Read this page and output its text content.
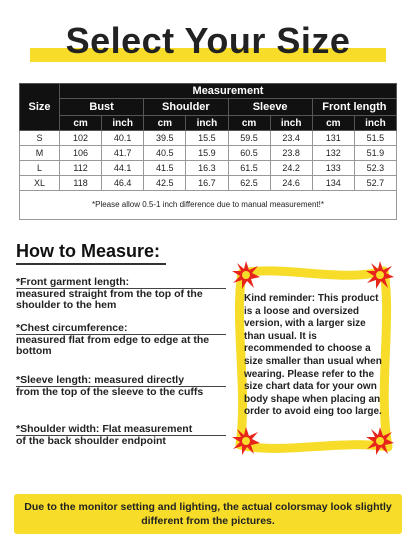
Select Your Size
Size	Measurement							
	Bust		Shoulder		Sleeve		Front length	
	cm	inch	cm	inch	cm	inch	cm	inch
S	102	40.1	39.5	15.5	59.5	23.4	131	51.5
M	106	41.7	40.5	15.9	60.5	23.8	132	51.9
L	112	44.1	41.5	16.3	61.5	24.2	133	52.3
XL	118	46.4	42.5	16.7	62.5	24.6	134	52.7
*Please allow 0.5-1 inch difference due to manual measurement!*								
How to Measure:
*Front garment length:
measured straight from the top of the shoulder to the hem
*Chest circumference:
measured flat from edge to edge at the bottom
*Sleeve length: measured directly
from the top of the sleeve to the cuffs
*Shoulder width: Flat measurement
of the back shoulder endpoint
Kind reminder: This product is a loose and oversized version, with a larger size than usual. It is recommended to choose a size smaller than usual when wearing. Please refer to the size chart data for your own body shape when placing an order to avoid eing too large.
Due to the monitor setting and lighting, the actual colorsmay look slightly different from the pictures.
